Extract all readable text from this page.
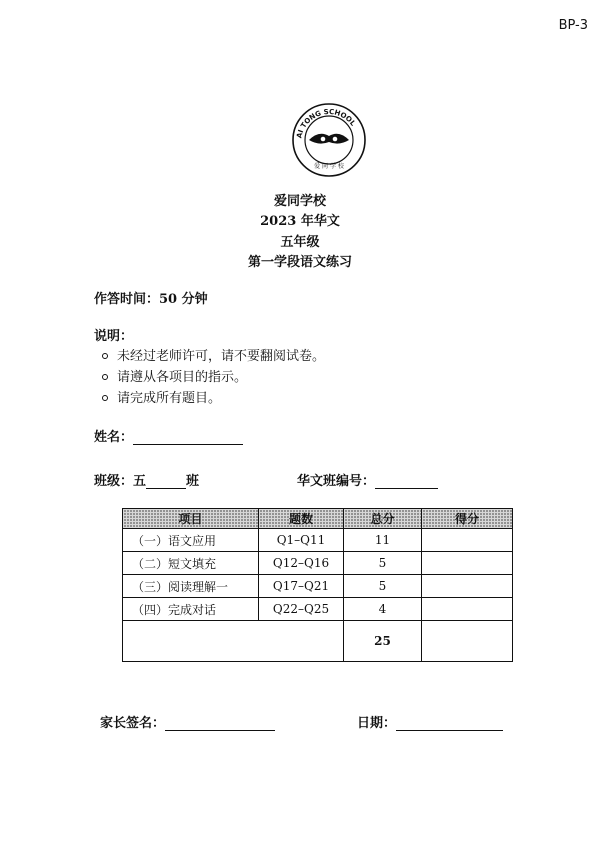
BP-3
AI TONG SCHOOL
爱 同 学 校
爱同学校
2023 年华文
五年级
第一学段语文练习
作答时间：50 分钟
说明：
未经过老师许可，请不要翻阅试卷。
请遵从各项目的指示。
请完成所有题目。
姓名：
班级：五	班	华文班编号：
项目	题数	总分	得分
（一）语文应用	Q1–Q11	11	
（二）短文填充	Q12–Q16	5	
（三）阅读理解一	Q17–Q21	5	
（四）完成对话	Q22–Q25	4	
		25	
家长签名：	日期：
